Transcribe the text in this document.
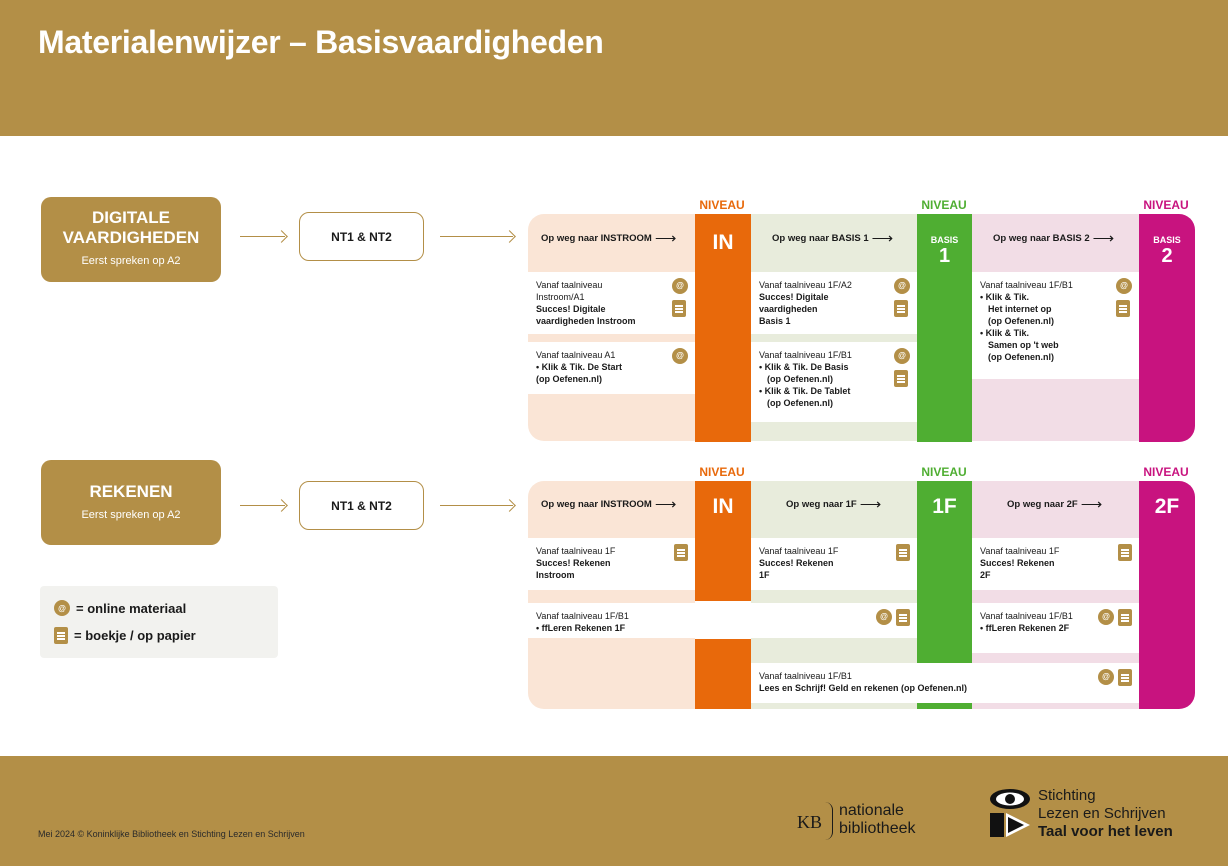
Materialenwijzer – Basisvaardigheden
DIGITALE
VAARDIGHEDEN
Eerst spreken op A2
NT1 & NT2
NIVEAU	NIVEAU	NIVEAU
Op weg naar INSTROOM ⟶	Op weg naar BASIS 1 ⟶	Op weg naar BASIS 2 ⟶
Vanaf taalniveau
Instroom/A1
Succes! Digitale
vaardigheden Instroom
@
Vanaf taalniveau A1
• Klik & Tik. De Start
(op Oefenen.nl)
@
Vanaf taalniveau 1F/A2
Succes! Digitale
vaardigheden
Basis 1
@
Vanaf taalniveau 1F/B1
• Klik & Tik. De Basis
(op Oefenen.nl)
• Klik & Tik. De Tablet
(op Oefenen.nl)
@
Vanaf taalniveau 1F/B1
• Klik & Tik.
Het internet op
(op Oefenen.nl)
• Klik & Tik.
Samen op 't web
(op Oefenen.nl)
@
IN	BASIS
1
BASIS
2
REKENEN
Eerst spreken op A2
NT1 & NT2
NIVEAU	NIVEAU	NIVEAU
Op weg naar INSTROOM ⟶	Op weg naar 1F ⟶	Op weg naar 2F ⟶
Vanaf taalniveau 1F
Succes! Rekenen
Instroom
Vanaf taalniveau 1F
Succes! Rekenen
1F
Vanaf taalniveau 1F
Succes! Rekenen
2F
Vanaf taalniveau 1F/B1
• ffLeren Rekenen 1F
@	Vanaf taalniveau 1F/B1
• ffLeren Rekenen 2F
@
Vanaf taalniveau 1F/B1
Lees en Schrijf! Geld en rekenen (op Oefenen.nl)
@
IN	1F	2F
@ = online materiaal
= boekje / op papier
Mei 2024 © Koninklijke Bibliotheek en Stichting Lezen en Schrijven
KB
nationale
bibliotheek
Stichting
Lezen en Schrijven
Taal voor het leven
